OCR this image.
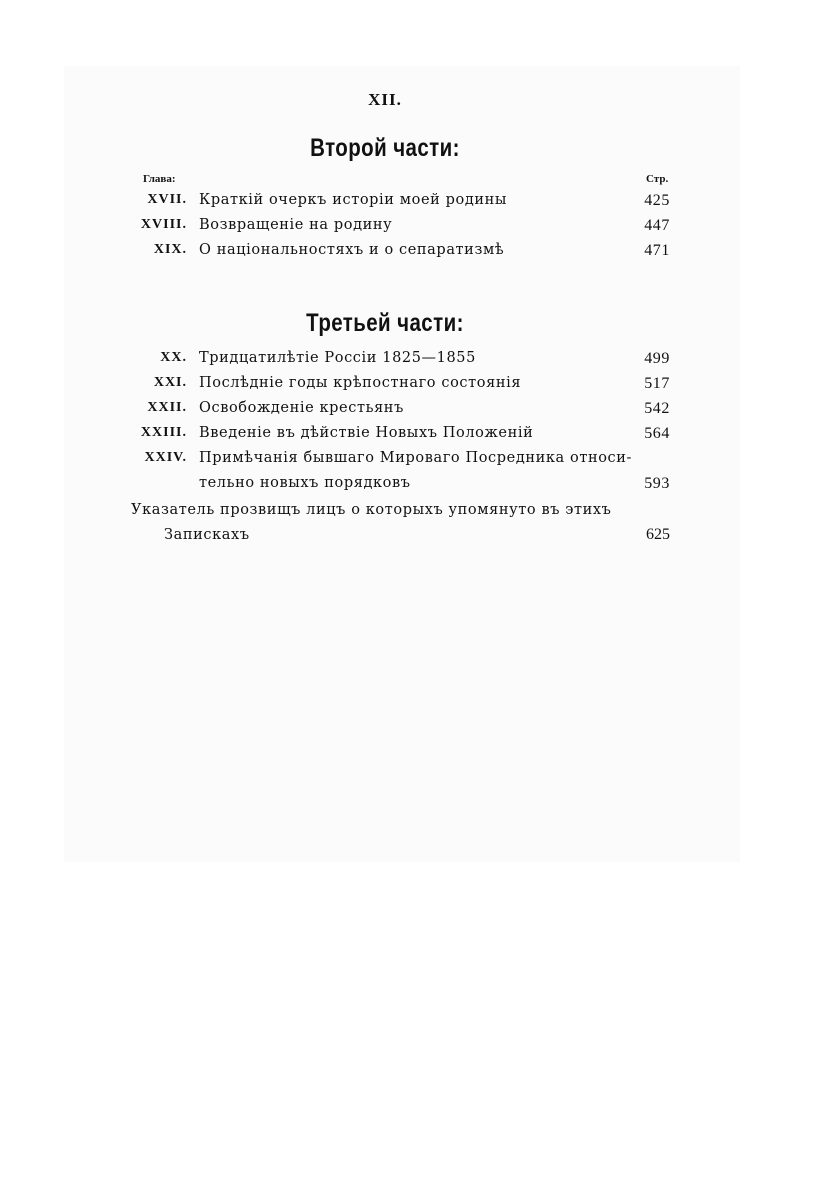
XII.
Второй части:
Глава:	Стр.
XVII. Краткій очеркъ исторіи моей родины	425
XVIII. Возвращеніе на родину	447
XIX. О національностяхъ и о сепаратизмѣ	471
Третьей части:
XX. Тридцатилѣтіе Россіи 1825—1855	499
XXI. Послѣдніе годы крѣпостнаго состоянія	517
XXII. Освобожденіе крестьянъ	542
XXIII. Введеніе въ дѣйствіе Новыхъ Положеній	564
XXIV. Примѣчанія бывшаго Мироваго Посредника относи-
тельно новыхъ порядковъ	593
Указатель прозвищъ лицъ о которыхъ упомянуто въ этихъ
Запискахъ	625
